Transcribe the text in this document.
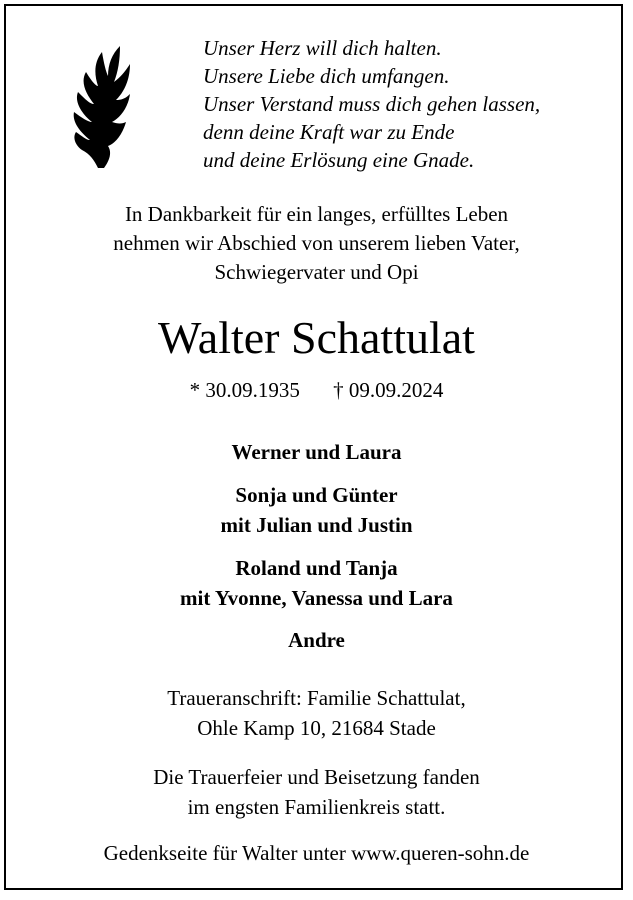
Unser Herz will dich halten.
Unsere Liebe dich umfangen.
Unser Verstand muss dich gehen lassen,
denn deine Kraft war zu Ende
und deine Erlösung eine Gnade.
In Dankbarkeit für ein langes, erfülltes Leben
nehmen wir Abschied von unserem lieben Vater,
Schwiegervater und Opi
Walter Schattulat
* 30.09.1935 † 09.09.2024
Werner und Laura
Sonja und Günter
mit Julian und Justin
Roland und Tanja
mit Yvonne, Vanessa und Lara
Andre
Traueranschrift: Familie Schattulat,
Ohle Kamp 10, 21684 Stade
Die Trauerfeier und Beisetzung fanden
im engsten Familienkreis statt.
Gedenkseite für Walter unter www.queren-sohn.de
